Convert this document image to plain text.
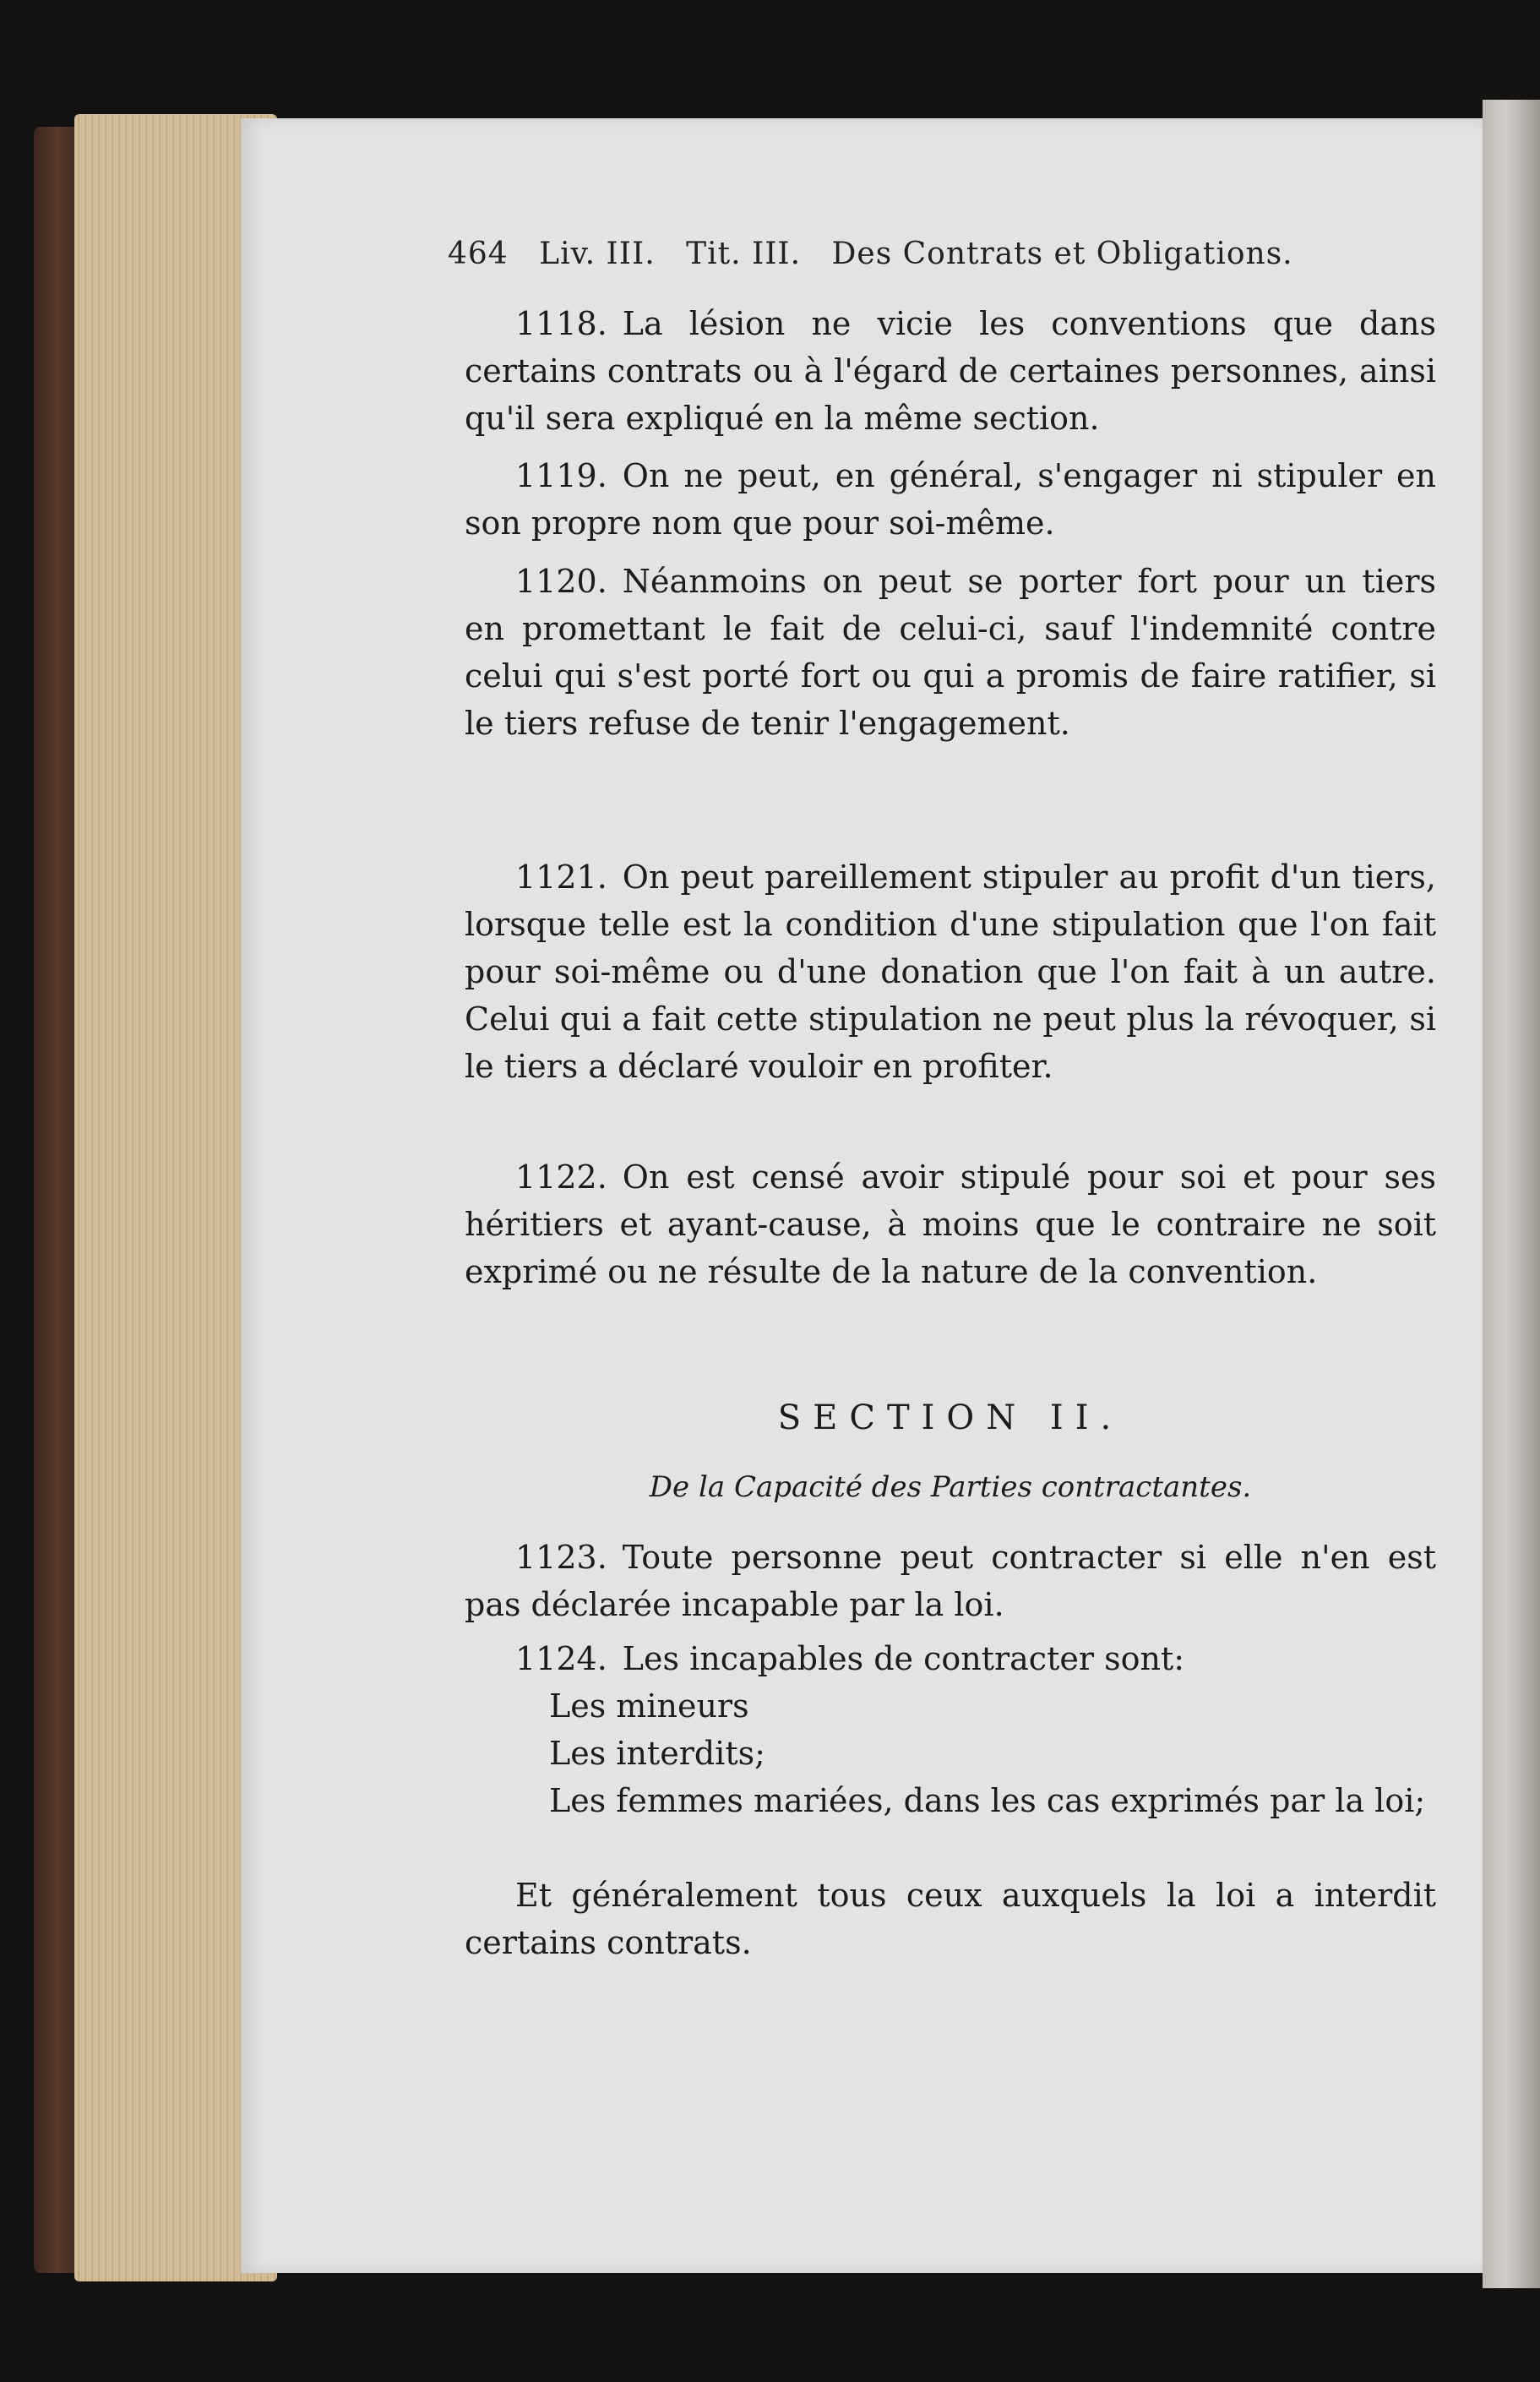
464 Liv. III. Tit. III. Des Contrats et Obligations.

1118. La lésion ne vicie les conventions que dans certains contrats ou à l'égard de certaines personnes, ainsi qu'il sera expliqué en la même section.

1119. On ne peut, en général, s'engager ni stipuler en son propre nom que pour soi-même.

1120. Néanmoins on peut se porter fort pour un tiers en promettant le fait de celui-ci, sauf l'indemnité contre celui qui s'est porté fort ou qui a promis de faire ratifier, si le tiers refuse de tenir l'engagement.

1121. On peut pareillement stipuler au profit d'un tiers, lorsque telle est la condition d'une stipulation que l'on fait pour soi-même ou d'une donation que l'on fait à un autre. Celui qui a fait cette stipulation ne peut plus la révoquer, si le tiers a déclaré vouloir en profiter.

1122. On est censé avoir stipulé pour soi et pour ses héritiers et ayant-cause, à moins que le contraire ne soit exprimé ou ne résulte de la nature de la convention.

SECTION II.
De la Capacité des Parties contractantes.

1123. Toute personne peut contracter si elle n'en est pas déclarée incapable par la loi.

1124. Les incapables de contracter sont:

Les mineurs

Les interdits;

Les femmes mariées, dans les cas exprimés par la loi;

Et généralement tous ceux auxquels la loi a interdit certains contrats.
